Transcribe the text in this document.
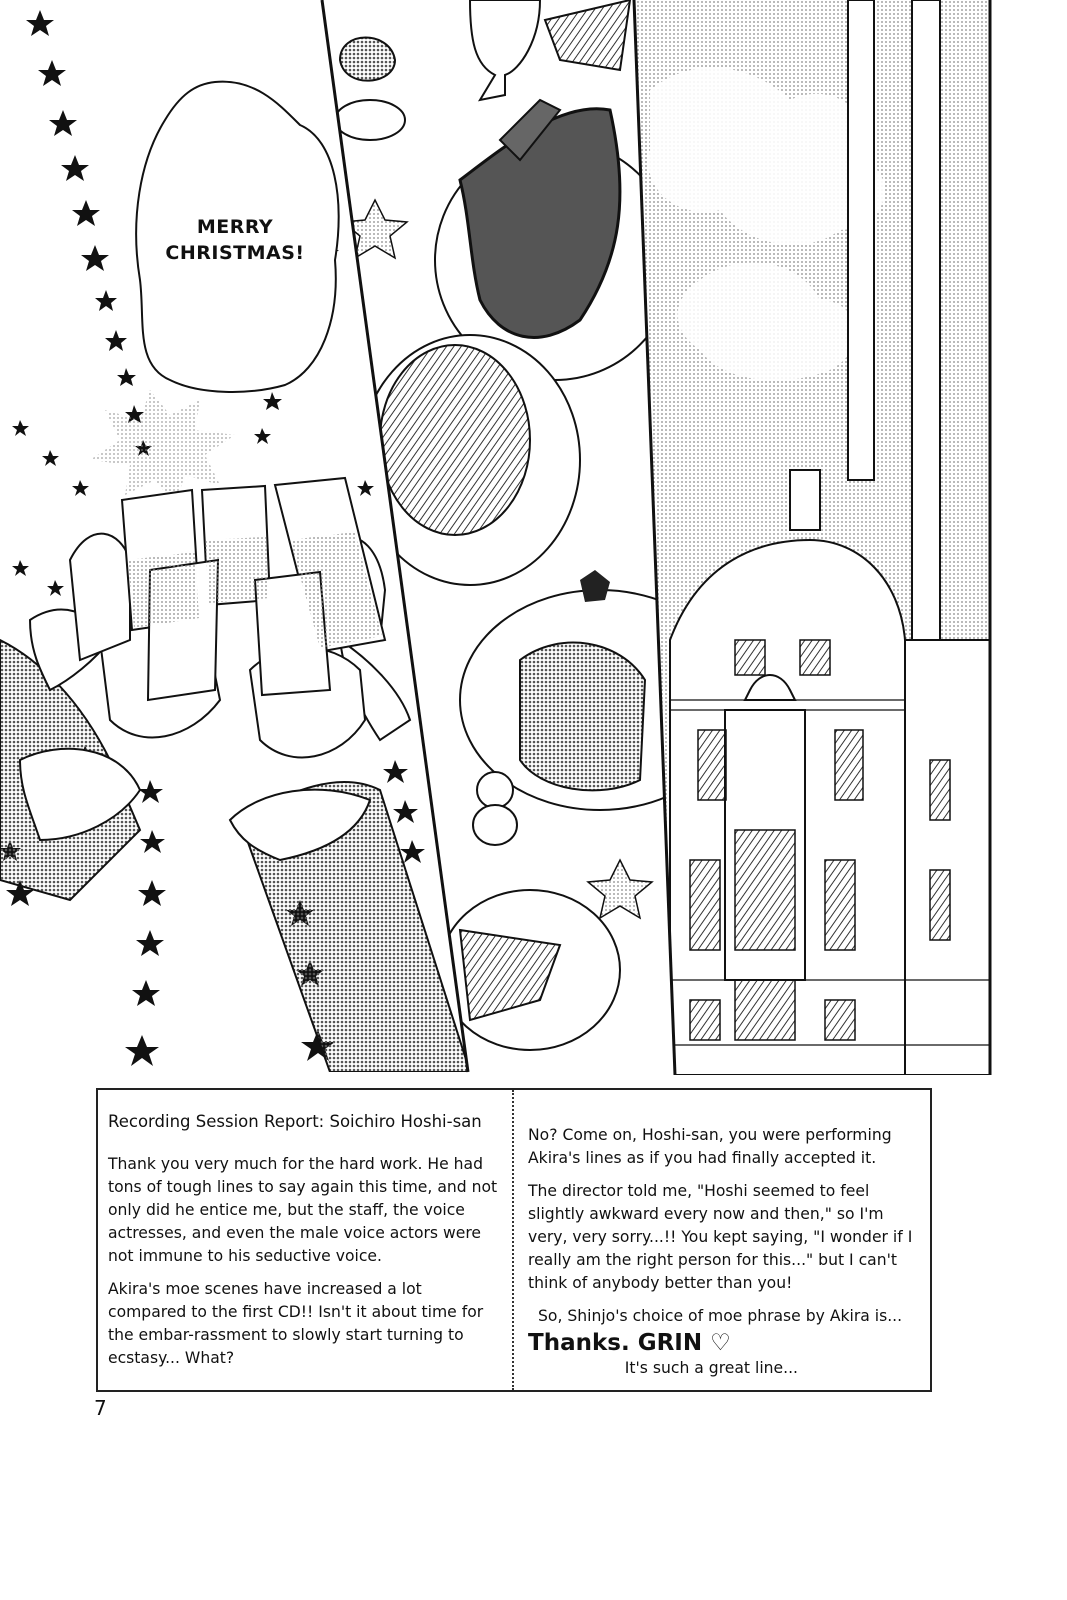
MERRY
CHRISTMAS!

Recording Session Report: Soichiro Hoshi-san

Thank you very much for the hard work. He had tons of tough lines to say again this time, and not only did he entice me, but the staff, the voice actresses, and even the male voice actors were not immune to his seductive voice.

Akira's moe scenes have increased a lot compared to the first CD!! Isn't it about time for the embar-rassment to slowly start turning to ecstasy... What?

No? Come on, Hoshi-san, you were performing Akira's lines as if you had finally accepted it.

The director told me, "Hoshi seemed to feel slightly awkward every now and then," so I'm very, very sorry...!! You kept saying, "I wonder if I really am the right person for this..." but I can't think of anybody better than you!

So, Shinjo's choice of moe phrase by Akira is...

Thanks. GRIN ♡

It's such a great line...

7
